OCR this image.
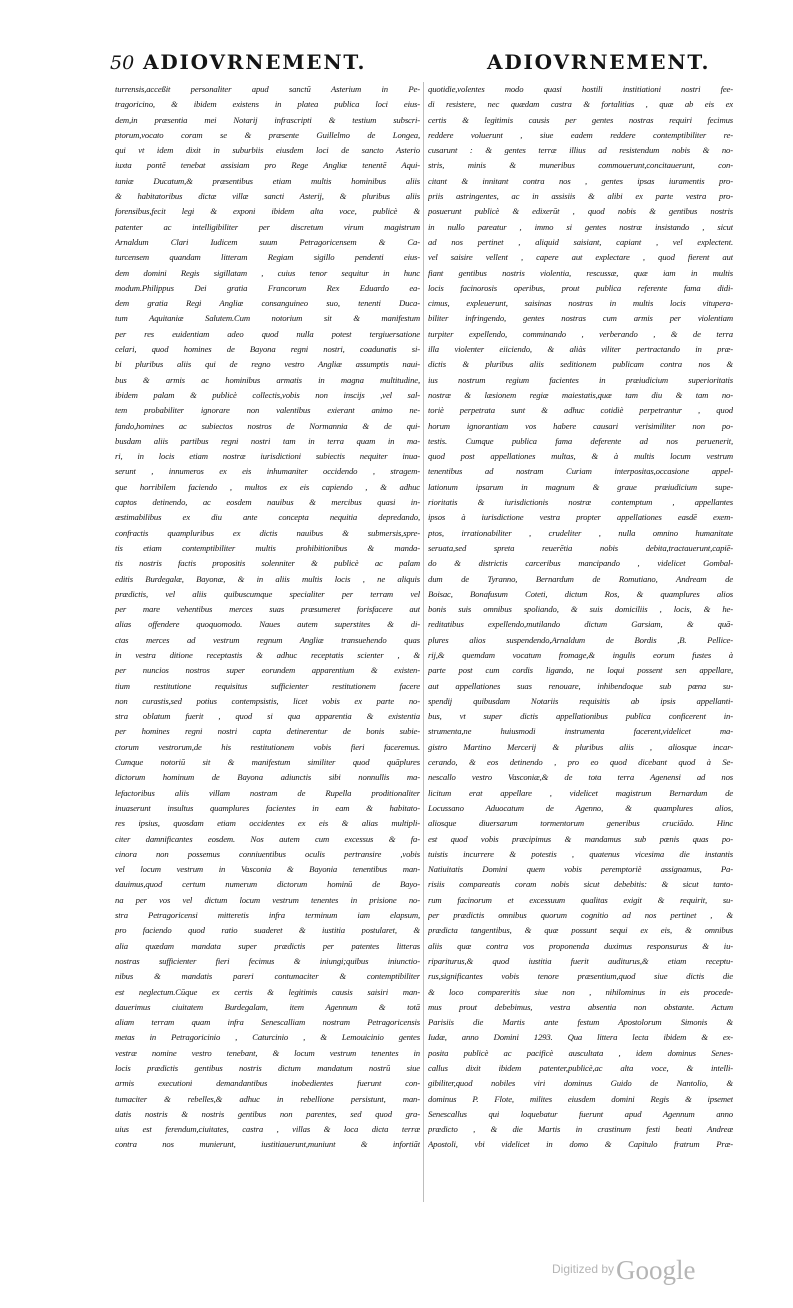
50 ADIOVRNEMENT.	ADIOVRNEMENT.
turrensis,acceßit personaliter apud sanctū Asterium in Pe-
tragoricino, & ibidem existens in platea publica loci eius-
dem,in præsentia mei Notarij infrascripti & testium subscri-
ptorum,vocato coram se & præsente Guillelmo de Longea,
qui vt idem dixit in suburbiis eiusdem loci de sancto Asterio
iuxta pontē tenebat assisiam pro Rege Angliæ tenentē Aqui-
taniæ Ducatum,& præsentibus etiam multis hominibus aliis
& habitatoribus dictæ villæ sancti Asterij, & pluribus aliis
forensibus,fecit legi & exponi ibidem alta voce, publicè &
patenter ac intelligibiliter per discretum virum magistrum
Arnaldum Clari Iudicem suum Petragoricensem & Ca-
turcensem quandam litteram Regiam sigillo pendenti eius-
dem domini Regis sigillatam , cuius tenor sequitur in hunc
modum.Philippus Dei gratia Francorum Rex Eduardo ea-
dem gratia Regi Angliæ consanguineo suo, tenenti Duca-
tum Aquitaniæ Salutem.Cum notorium sit & manifestum
per res euidentiam adeo quod nulla potest tergiuersatione
celari, quod homines de Bayona regni nostri, coadunatis si-
bi pluribus aliis qui de regno vestro Angliæ assumptis naui-
bus & armis ac hominibus armatis in magna multitudine,
ibidem palam & publicè collectis,vobis non inscijs ,vel sal-
tem probabiliter ignorare non valentibus exierant animo ne-
fando,homines ac subiectos nostros de Normannia & de qui-
busdam aliis partibus regni nostri tam in terra quam in ma-
ri, in locis etiam nostræ iurisdictioni subiectis nequiter inua-
serunt , innumeros ex eis inhumaniter occidendo , stragem-
que horribilem faciendo , multos ex eis capiendo , & adhuc
captos detinendo, ac eosdem nauibus & mercibus quasi in-
æstimabilibus ex diu ante concepta nequitia depredando,
confractis quampluribus ex dictis nauibus & submersis,spre-
tis etiam contemptibiliter multis prohibitionibus & manda-
tis nostris factis propositis solenniter & publicè ac palam
editis Burdegalæ, Bayonæ, & in aliis multis locis , ne aliquis
prædictis, vel aliis quibuscumque specialiter per terram vel
per mare vehentibus merces suas præsumeret forisfacere aut
alias offendere quoquomodo. Naues autem superstites & di-
ctas merces ad vestrum regnum Angliæ transuehendo quas
in vestra ditione receptastis & adhuc receptatis scienter , &
per nuncios nostros super eorundem apparentium & existen-
tium restitutione requisitus sufficienter restitutionem facere
non curastis,sed potius contempsistis, licet vobis ex parte no-
stra oblatum fuerit , quod si qua apparentia & existentia
per homines regni nostri capta detinerentur de bonis subie-
ctorum vestrorum,de his restitutionem vobis fieri faceremus.
Cumque notoriū sit & manifestum similiter quod quāplures
dictorum hominum de Bayona adiunctis sibi nonnullis ma-
lefactoribus aliis villam nostram de Rupella proditionaliter
inuaserunt insultus quamplures facientes in eam & habitato-
res ipsius, quosdam etiam occidentes ex eis & alias multipli-
citer damnificantes eosdem. Nos autem cum excessus & fa-
cinora non possemus conniuentibus oculis pertransire ,vobis
vel locum vestrum in Vasconia & Bayonia tenentibus man-
dauimus,quod certum numerum dictorum hominū de Bayo-
na per vos vel dictum locum vestrum tenentes in prisione no-
stra Petragoricensi mitteretis infra terminum iam elapsum,
pro faciendo quod ratio suaderet & iustitia postularet, &
alia quædam mandata super prædictis per patentes litteras
nostras sufficienter fieri fecimus & iniungi;quibus iniunctio-
nibus & mandatis pareri contumaciter & contemptibiliter
est neglectum.Cūque ex certis & legitimis causis saisiri man-
dauerimus ciuitatem Burdegalam, item Agennum & totā
aliam terram quam infra Senescalliam nostram Petragoricensis
metas in Petragoricinio , Caturcinio , & Lemouicinio gentes
vestræ nomine vestro tenebant, & locum vestrum tenentes in
locis prædictis gentibus nostris dictum mandatum nostrū siue
armis executioni demandantibus inobedientes fuerunt con-
tumaciter & rebelles,& adhuc in rebellione persistunt, man-
datis nostris & nostris gentibus non parentes, sed quod gra-
uius est ferendum,ciuitates, castra , villas & loca dicta terræ
contra nos munierunt, iustitiauerunt,muniunt & infortiāt
quotidie,volentes modo quasi hostili institiationi nostri fee-
di resistere, nec quædam castra & fortalitias , quæ ab eis ex
certis & legitimis causis per gentes nostras requiri fecimus
reddere voluerunt , siue eadem reddere contemptibiliter re-
cusarunt : & gentes terræ illius ad resistendum nobis & no-
stris, minis & muneribus commouerunt,concitauerunt, con-
citant & innitant contra nos , gentes ipsas iuramentis pro-
priis astringentes, ac in assisiis & alibi ex parte vestra pro-
posuerunt publicè & edixerūt , quod nobis & gentibus nostris
in nullo pareatur , immo si gentes nostræ insistando , sicut
ad nos pertinet , aliquid saisiant, capiant , vel explectent.
vel saisire vellent , capere aut explectare , quod fierent aut
fiant gentibus nostris violentia, rescussæ, quæ iam in multis
locis facinorosis operibus, prout publica referente fama didi-
cimus, expleuerunt, saisinas nostras in multis locis vitupera-
biliter infringendo, gentes nostras cum armis per violentiam
turpiter expellendo, comminando , verberando , & de terra
illa violenter eiiciendo, & aliàs viliter pertractando in præ-
dictis & pluribus aliis seditionem publicam contra nos &
ius nostrum regium facientes in præiudicium superioritatis
nostræ & læsionem regiæ maiestatis,quæ tam diu & tam no-
toriè perpetrata sunt & adhuc cotidiè perpetrantur , quod
horum ignorantiam vos habere causari verisimiliter non po-
testis. Cumque publica fama deferente ad nos peruenerit,
quod post appellationes multas, & à multis locum vestrum
tenentibus ad nostram Curiam interpositas,occasione appel-
lationum ipsarum in magnum & graue præiudicium supe-
rioritatis & iurisdictionis nostræ contemptum , appellantes
ipsos à iurisdictione vestra propter appellationes easdē exem-
ptos, irrationabiliter , crudeliter , nulla omnino humanitate
seruata,sed spreta reuerētia nobis debita,tractauerunt,capiē-
do & districtis carceribus mancipando , videlicet Gombal-
dum de Tyranno, Bernardum de Romutiano, Andream de
Boisac, Bonafusum Coteti, dictum Ros, & quamplures alios
bonis suis omnibus spoliando, & suis domiciliis , locis, & he-
reditatibus expellendo,mutilando dictum Garsiam, & quā-
plures alios suspendendo,Arnaldum de Bordis ,B. Pellice-
rij,& quemdam vocatum fromage,& ingulis eorum fustes à
parte post cum cordis ligando, ne loqui possent sen appellare,
aut appellationes suas renouare, inhibendoque sub pœna su-
spendij quibusdam Notariis requisitis ab ipsis appellanti-
bus, vt super dictis appellationibus publica conficerent in-
strumenta,ne huiusmodi instrumenta facerent,videlicet ma-
gistro Martino Mercerij & pluribus aliis , aliosque incar-
cerando, & eos detinendo , pro eo quod dicebant quod à Se-
nescallo vestro Vasconiæ,& de tota terra Agenensi ad nos
licitum erat appellare , videlicet magistrum Bernardum de
Locussano Aduocatum de Agenno, & quamplures alios,
aliosque diuersarum tormentorum generibus cruciādo. Hinc
est quod vobis præcipimus & mandamus sub pœnis quas po-
tuistis incurrere & potestis , quatenus vicesima die instantis
Natiuitatis Domini quem vobis peremptoriè assignamus, Pa-
risiis compareatis coram nobis sicut debebitis: & sicut tanto-
rum facinorum et excessuum qualitas exigit & requirit, su-
per prædictis omnibus quorum cognitio ad nos pertinet , &
prædicta tangentibus, & quæ possunt sequi ex eis, & omnibus
aliis quæ contra vos proponenda duximus responsurus & iu-
ripariturus,& quod iustitia fuerit auditurus,& etiam receptu-
rus,significantes vobis tenore præsentium,quod siue dictis die
& loco compareritis siue non , nihilominus in eis procede-
mus prout debebimus, vestra absentia non obstante. Actum
Parisiis die Martis ante festum Apostolorum Simonis &
Iudæ, anno Domini 1293. Qua littera lecta ibidem & ex-
posita publicè ac pacificè auscultata , idem dominus Senes-
callus dixit ibidem patenter,publicè,ac alta voce, & intelli-
gibiliter,quod nobiles viri dominus Guido de Nantolio, &
dominus P. Flote, milites eiusdem domini Regis & ipsemet
Senescallus qui loquebatur fuerunt apud Agennum anno
prædicto , & die Martis in crastinum festi beati Andreæ
Apostoli, vbi videlicet in domo & Capitulo fratrum Præ-
$^{Digitized by}$Google
